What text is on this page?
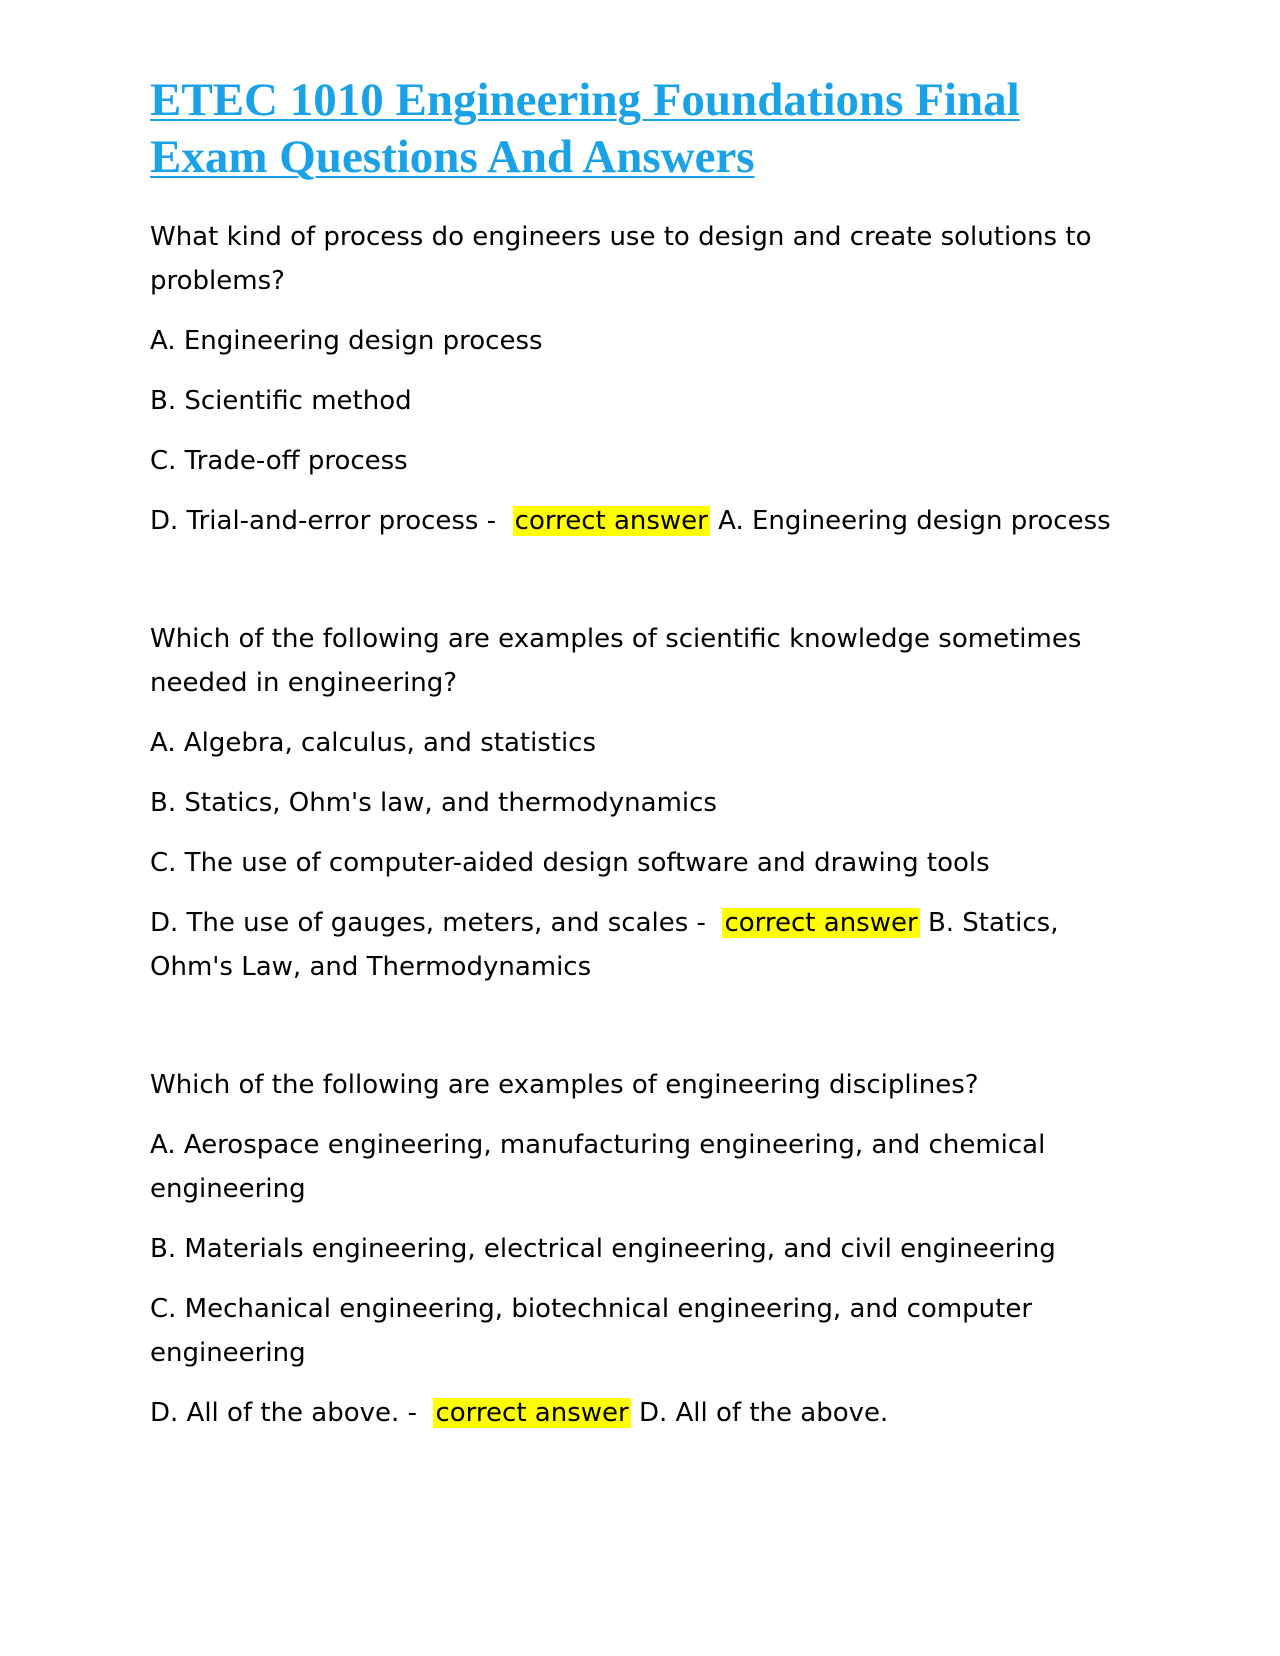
ETEC 1010 Engineering Foundations Final Exam Questions And Answers

What kind of process do engineers use to design and create solutions to problems?

A. Engineering design process

B. Scientific method

C. Trade-off process

D. Trial-and-error process - correct answer A. Engineering design process

Which of the following are examples of scientific knowledge sometimes needed in engineering?

A. Algebra, calculus, and statistics

B. Statics, Ohm's law, and thermodynamics

C. The use of computer-aided design software and drawing tools

D. The use of gauges, meters, and scales - correct answer B. Statics, Ohm's Law, and Thermodynamics

Which of the following are examples of engineering disciplines?

A. Aerospace engineering, manufacturing engineering, and chemical engineering

B. Materials engineering, electrical engineering, and civil engineering

C. Mechanical engineering, biotechnical engineering, and computer engineering

D. All of the above. - correct answer D. All of the above.
